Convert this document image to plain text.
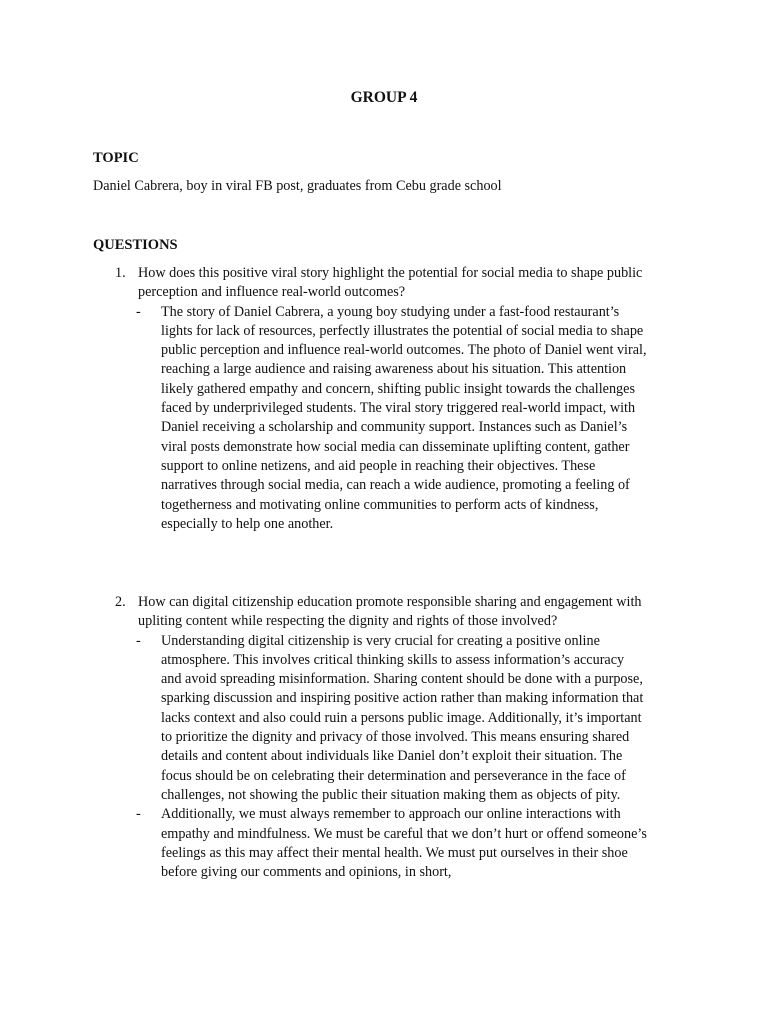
GROUP 4
TOPIC
Daniel Cabrera, boy in viral FB post, graduates from Cebu grade school
QUESTIONS
1. How does this positive viral story highlight the potential for social media to shape public perception and influence real-world outcomes?
- The story of Daniel Cabrera, a young boy studying under a fast-food restaurant’s lights for lack of resources, perfectly illustrates the potential of social media to shape public perception and influence real-world outcomes. The photo of Daniel went viral, reaching a large audience and raising awareness about his situation. This attention likely gathered empathy and concern, shifting public insight towards the challenges faced by underprivileged students. The viral story triggered real-world impact, with Daniel receiving a scholarship and community support. Instances such as Daniel’s viral posts demonstrate how social media can disseminate uplifting content, gather support to online netizens, and aid people in reaching their objectives. These narratives through social media, can reach a wide audience, promoting a feeling of togetherness and motivating online communities to perform acts of kindness, especially to help one another.

2. How can digital citizenship education promote responsible sharing and engagement with upliting content while respecting the dignity and rights of those involved?
- Understanding digital citizenship is very crucial for creating a positive online atmosphere. This involves critical thinking skills to assess information’s accuracy and avoid spreading misinformation. Sharing content should be done with a purpose, sparking discussion and inspiring positive action rather than making information that lacks context and also could ruin a persons public image. Additionally, it’s important to prioritize the dignity and privacy of those involved. This means ensuring shared details and content about individuals like Daniel don’t exploit their situation. The focus should be on celebrating their determination and perseverance in the face of challenges, not showing the public their situation making them as objects of pity.

- Additionally, we must always remember to approach our online interactions with empathy and mindfulness. We must be careful that we don’t hurt or offend someone’s feelings as this may affect their mental health. We must put ourselves in their shoe before giving our comments and opinions, in short,
